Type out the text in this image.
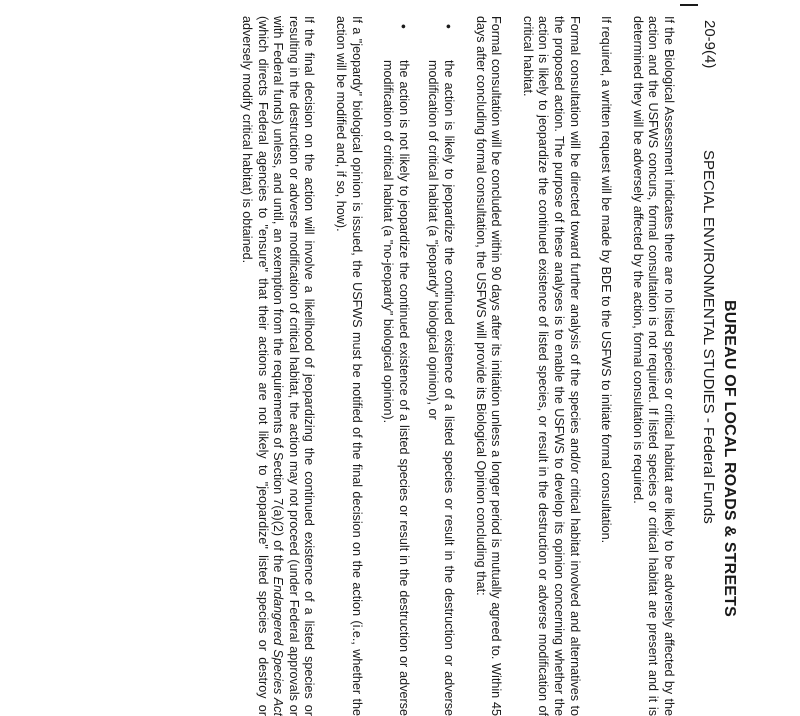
BUREAU OF LOCAL ROADS & STREETS
20-9(4)
SPECIAL ENVIRONMENTAL STUDIES - Federal Funds

If the Biological Assessment indicates there are no listed species or critical habitat are likely to be adversely affected by the action and the USFWS concurs, formal consultation is not required. If listed species or critical habitat are present and it is determined they will be adversely affected by the action, formal consultation is required.

If required, a written request will be made by BDE to the USFWS to initiate formal consultation.

Formal consultation will be directed toward further analysis of the species and/or critical habitat involved and alternatives to the proposed action. The purpose of these analyses is to enable the USFWS to develop its opinion concerning whether the action is likely to jeopardize the continued existence of listed species, or result in the destruction or adverse modification of critical habitat.

Formal consultation will be concluded within 90 days after its initiation unless a longer period is mutually agreed to. Within 45 days after concluding formal consultation, the USFWS will provide its Biological Opinion concluding that:

•
the action is likely to jeopardize the continued existence of a listed species or result in the destruction or adverse modification of critical habitat (a "jeopardy" biological opinion), or
•
the action is not likely to jeopardize the continued existence of a listed species or result in the destruction or adverse modification of critical habitat (a "no-jeopardy" biological opinion).

If a "jeopardy" biological opinion is issued, the USFWS must be notified of the final decision on the action (i.e., whether the action will be modified and, if so, how).

If the final decision on the action will involve a likelihood of jeopardizing the continued existence of a listed species or resulting in the destruction or adverse modification of critical habitat, the action may not proceed (under Federal approvals or with Federal funds) unless, and until, an exemption from the requirements of Section 7(a)(2) of the Endangered Species Act (which directs Federal agencies to "ensure" that their actions are not likely to "jeopardize" listed species or destroy or adversely modify critical habitat) is obtained.
